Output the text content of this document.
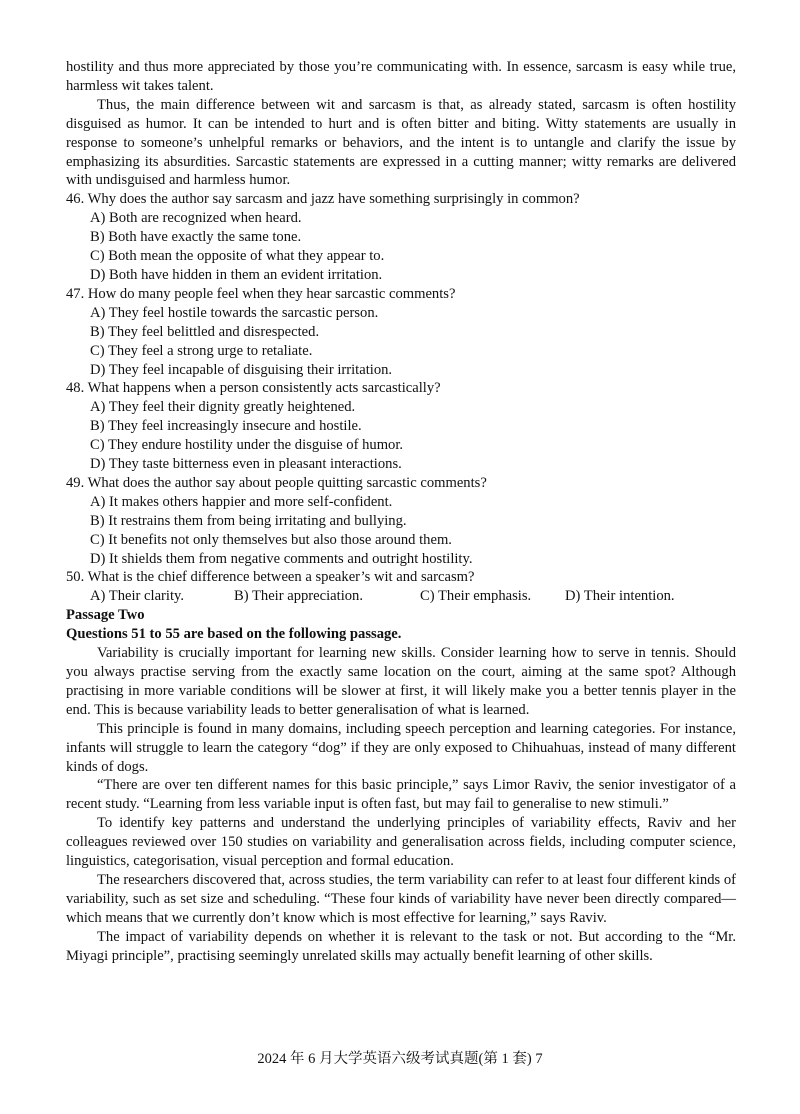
hostility and thus more appreciated by those you’re communicating with. In essence, sarcasm is easy while true, harmless wit takes talent.

Thus, the main difference between wit and sarcasm is that, as already stated, sarcasm is often hostility disguised as humor. It can be intended to hurt and is often bitter and biting. Witty statements are usually in response to someone’s unhelpful remarks or behaviors, and the intent is to untangle and clarify the issue by emphasizing its absurdities. Sarcastic statements are expressed in a cutting manner; witty remarks are delivered with undisguised and harmless humor.

46. Why does the author say sarcasm and jazz have something surprisingly in common?

A) Both are recognized when heard.

B) Both have exactly the same tone.

C) Both mean the opposite of what they appear to.

D) Both have hidden in them an evident irritation.

47. How do many people feel when they hear sarcastic comments?

A) They feel hostile towards the sarcastic person.

B) They feel belittled and disrespected.

C) They feel a strong urge to retaliate.

D) They feel incapable of disguising their irritation.

48. What happens when a person consistently acts sarcastically?

A) They feel their dignity greatly heightened.

B) They feel increasingly insecure and hostile.

C) They endure hostility under the disguise of humor.

D) They taste bitterness even in pleasant interactions.

49. What does the author say about people quitting sarcastic comments?

A) It makes others happier and more self-confident.

B) It restrains them from being irritating and bullying.

C) It benefits not only themselves but also those around them.

D) It shields them from negative comments and outright hostility.

50. What is the chief difference between a speaker’s wit and sarcasm?

A) Their clarity.	B) Their appreciation.	C) Their emphasis.	D) Their intention.

Passage Two

Questions 51 to 55 are based on the following passage.

Variability is crucially important for learning new skills. Consider learning how to serve in tennis. Should you always practise serving from the exactly same location on the court, aiming at the same spot? Although practising in more variable conditions will be slower at first, it will likely make you a better tennis player in the end. This is because variability leads to better generalisation of what is learned.

This principle is found in many domains, including speech perception and learning categories. For instance, infants will struggle to learn the category “dog” if they are only exposed to Chihuahuas, instead of many different kinds of dogs.

“There are over ten different names for this basic principle,” says Limor Raviv, the senior investigator of a recent study. “Learning from less variable input is often fast, but may fail to generalise to new stimuli.”

To identify key patterns and understand the underlying principles of variability effects, Raviv and her colleagues reviewed over 150 studies on variability and generalisation across fields, including computer science, linguistics, categorisation, visual perception and formal education.

The researchers discovered that, across studies, the term variability can refer to at least four different kinds of variability, such as set size and scheduling. “These four kinds of variability have never been directly compared—which means that we currently don’t know which is most effective for learning,” says Raviv.

The impact of variability depends on whether it is relevant to the task or not. But according to the “Mr. Miyagi principle”, practising seemingly unrelated skills may actually benefit learning of other skills.

2024 年 6 月大学英语六级考试真题(第 1 套) 7
